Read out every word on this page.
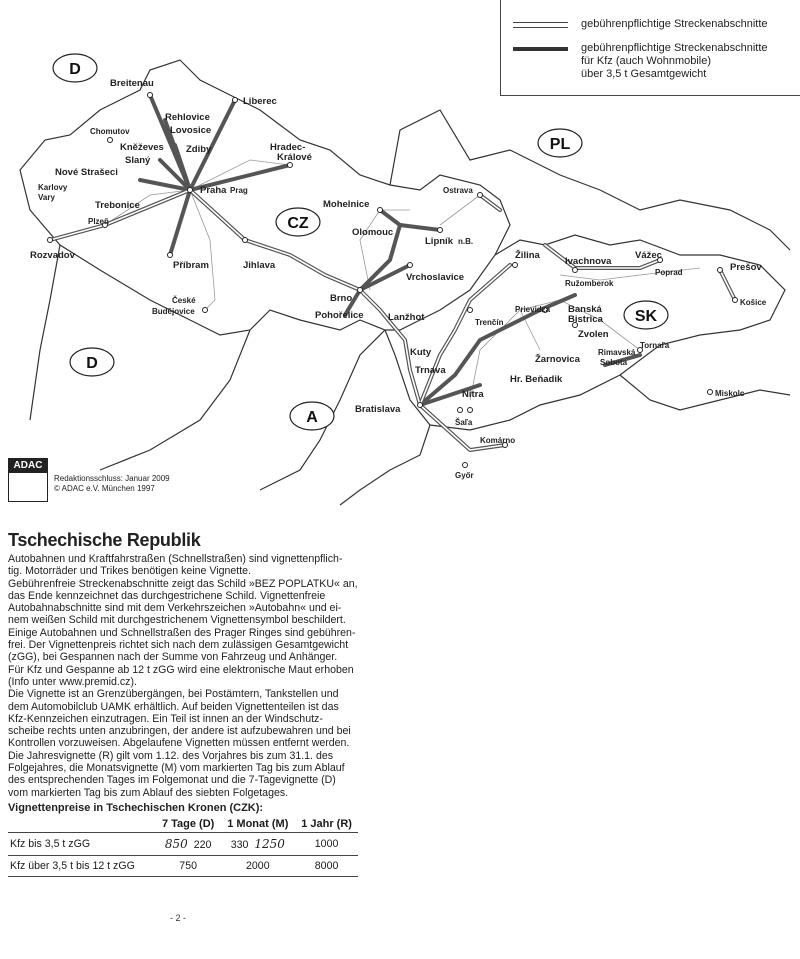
D
PL
CZ
D
SK
A
Breitenau
Liberec
Rehlovice
Lovosice
Chomutov
Kněževes Zdiby
Slaný
Nové Strašeci
Karlovy
Vary
Trebonice
Praha Prag
Hradec-
Králové
Plzeň
Rozvadov
Příbram	Jihlava
České
Budějovice
Mohelnice
Olomouc
Lipník n.B.
Ostrava
Vrchoslavice
Brno
Pohořelice	Lanžhot
Kuty
Trnava
Bratislava
Šaľa
Nitra
Komárno
Győr
Žilina
Ivachnova
Vážec
Poprad	Prešov
Košice
Ružomberok
Prievidza
Trenčín
Banská
Bistrica
Zvolen
Žarnovica
Hr. Beňadik
Rimavská
Sobota
Tornaľa
Miskolc
gebührenpflichtige Streckenabschnitte
gebührenpflichtige Streckenabschnitte
für Kfz (auch Wohnmobile)
über 3,5 t Gesamtgewicht
ADAC
Redaktionsschluss: Januar 2009
© ADAC e.V. München 1997
Tschechische Republik

Autobahnen und Kraftfahrstraßen (Schnellstraßen) sind vignettenpflich-
tig. Motorräder und Trikes benötigen keine Vignette.
Gebührenfreie Streckenabschnitte zeigt das Schild »BEZ POPLATKU« an,
das Ende kennzeichnet das durchgestrichene Schild. Vignettenfreie
Autobahnabschnitte sind mit dem Verkehrszeichen »Autobahn« und ei-
nem weißen Schild mit durchgestrichenem Vignettensymbol beschildert.
Einige Autobahnen und Schnellstraßen des Prager Ringes sind gebühren-
frei. Der Vignettenpreis richtet sich nach dem zulässigen Gesamtgewicht
(zGG), bei Gespannen nach der Summe von Fahrzeug und Anhänger.
Für Kfz und Gespanne ab 12 t zGG wird eine elektronische Maut erhoben
(Info unter www.premid.cz).
Die Vignette ist an Grenzübergängen, bei Postämtern, Tankstellen und
dem Automobilclub UAMK erhältlich. Auf beiden Vignettenteilen ist das
Kfz-Kennzeichen einzutragen. Ein Teil ist innen an der Windschutz-
scheibe rechts unten anzubringen, der andere ist aufzubewahren und bei
Kontrollen vorzuweisen. Abgelaufene Vignetten müssen entfernt werden.
Die Jahresvignette (R) gilt vom 1.12. des Vorjahres bis zum 31.1. des
Folgejahres, die Monatsvignette (M) vom markierten Tag bis zum Ablauf
des entsprechenden Tages im Folgemonat und die 7-Tagevignette (D)
vom markierten Tag bis zum Ablauf des siebten Folgetages.

Vignettenpreise in Tschechischen Kronen (CZK):
	7 Tage (D)	1 Monat (M)	1 Jahr (R)
Kfz bis 3,5 t zGG	850 220	330 1250	1000
Kfz über 3,5 t bis 12 t zGG	750	2000	8000
- 2 -
